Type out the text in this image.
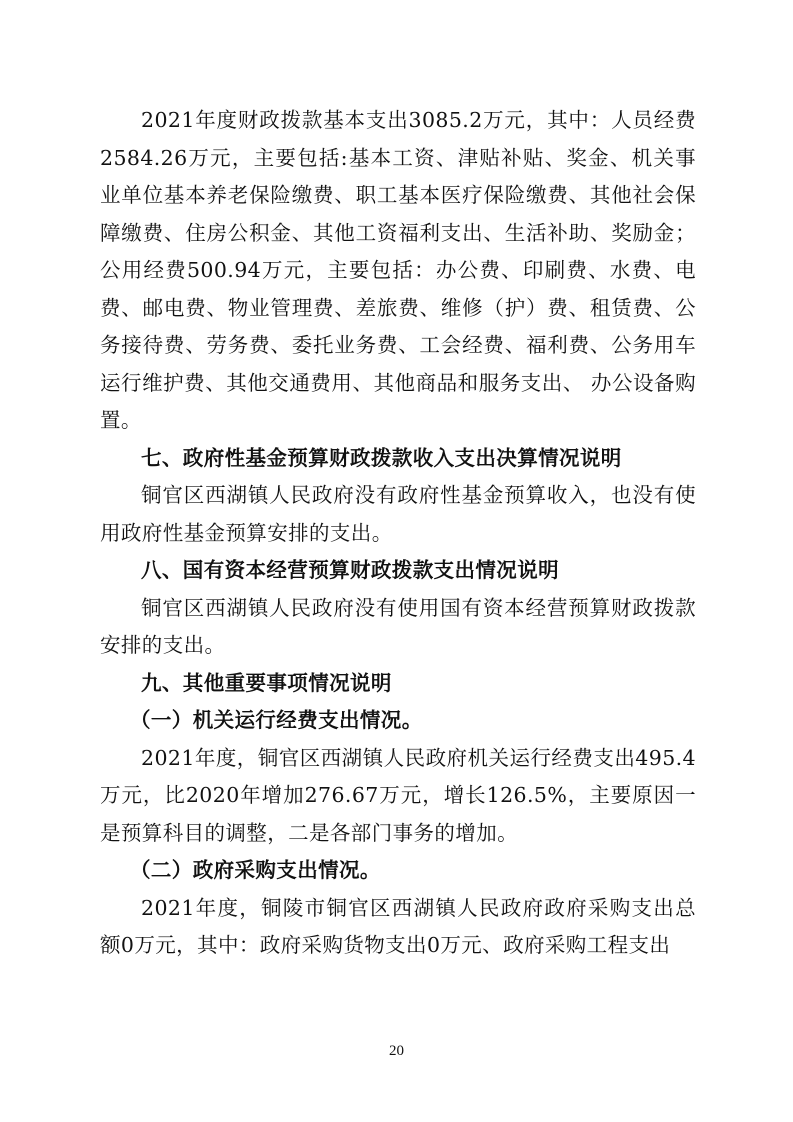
2021年度财政拨款基本支出3085.2万元，其中：人员经费2584.26万元，主要包括:基本工资、津贴补贴、奖金、机关事业单位基本养老保险缴费、职工基本医疗保险缴费、其他社会保障缴费、住房公积金、其他工资福利支出、生活补助、奖励金；公用经费500.94万元，主要包括：办公费、印刷费、水费、电费、邮电费、物业管理费、差旅费、维修（护）费、租赁费、公务接待费、劳务费、委托业务费、工会经费、福利费、公务用车运行维护费、其他交通费用、其他商品和服务支出、 办公设备购置。

七、政府性基金预算财政拨款收入支出决算情况说明

铜官区西湖镇人民政府没有政府性基金预算收入，也没有使用政府性基金预算安排的支出。

八、国有资本经营预算财政拨款支出情况说明

铜官区西湖镇人民政府没有使用国有资本经营预算财政拨款安排的支出。

九、其他重要事项情况说明

（一）机关运行经费支出情况。

2021年度，铜官区西湖镇人民政府机关运行经费支出495.4万元，比2020年增加276.67万元，增长126.5%，主要原因一是预算科目的调整，二是各部门事务的增加。

（二）政府采购支出情况。

2021年度，铜陵市铜官区西湖镇人民政府政府采购支出总额0万元，其中：政府采购货物支出0万元、政府采购工程支出

20
